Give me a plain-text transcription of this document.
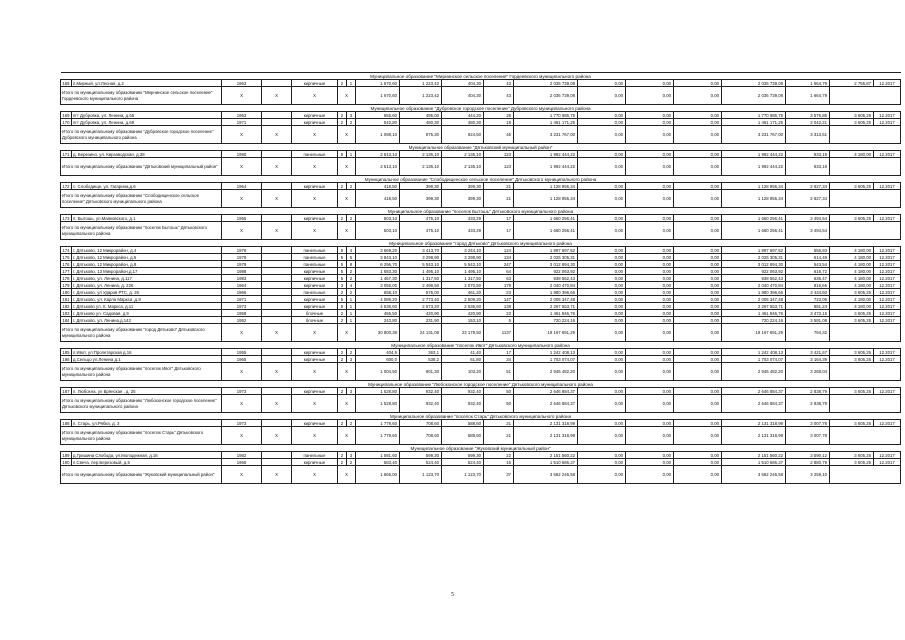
Муниципальное образование "Мирнинское сельское поселение" Гордеевского муниципального района																		
168	п.Мирный, ул.Лесная, д.2	1963		кирпичные	2	1	1 670,60	1 223,42	404,30	43	2 036 739,08	0,00	0,00	0,00	2 036 739,08	1 664,79	2 755,87	12.2017
Итого по муниципальному образованию "Мирнинское сельское поселение" Гордеевского муниципального района		X	X	X	X		1 670,60	1 223,42	404,30	43	2 036 739,08	0,00	0,00	0,00	2 036 739,08	1 664,79		
Муниципальное образование "Дубровское городское поселение" Дубровского муниципального района																		
169	пгт Дубровка, ул. Ленина, д.65	1953		кирпичные	2	3	555,60	495,00	444,20	28	1 770 986,75	0,00	0,00	0,00	1 770 986,75	3 576,86	3 605,25	12.2017
170	пгт Дубровка, ул. Ленина, д.69	1971		кирпичные	2	2	542,80	480,30	480,30	18	1 461 171,25	0,00	0,00	0,00	1 461 171,25	3 042,21	3 605,25	12.2017
Итого по муниципальному образованию "Дубровское городское поселение" Дубровского муниципального района		X	X	X	X		1 098,10	975,30	924,50	46	3 231 767,00	0,00	0,00	0,00	3 231 767,00	3 313,61		
Муниципальное образование "Дятьковский муниципальный район"																		
171	д. Березино, ул. Кирзаводская, д.38	1980		панельные	5	1	2 513,10	2 135,10	2 135,10	123	1 992 444,22	0,00	0,00	0,00	1 992 444,22	933,19	4 180,00	12.2017
Итого по муниципальному образованию "Дятьковский муниципальный район"		X	X	X	X		2 513,10	2 135,10	2 135,10	123	1 992 444,22	0,00	0,00	0,00	1 992 444,22	933,19		
Муниципальное образование "Слободищенское сельское поселение" Дятьковского муниципального района																		
172	с. Слободище, ул. Гагарина,д.6	1964		кирпичные	2	2	418,50	399,30	399,30	21	1 128 955,34	0,00	0,00	0,00	1 128 955,34	2 827,34	3 605,25	12.2017
Итого по муниципальному образованию "Слободищенское сельское поселение" Дятьковского муниципального района		X	X	X	X		418,50	399,30	399,30	21	1 128 955,34	0,00	0,00	0,00	1 128 955,34	2 827,34		
Муниципальное образование "поселок Бытошь" Дятьковского муниципального района																		
173	п. Бытошь, ул.Маяковского, д.1	1965		кирпичные	2	2	503,10	475,10	433,29	17	1 660 256,41	0,00	0,00	0,00	1 660 256,41	3 494,54	3 605,25	12.2017
Итого по муниципальному образованию "поселок Бытошь" Дятьковского муниципального района		X	X	X	X		503,10	475,10	433,29	17	1 660 256,41	0,00	0,00	0,00	1 660 256,41	3 494,54		
Муниципальное образование "город Дятьково" Дятьковского муниципального района																		
174	г. Дятьково, 12 Микрорайон, д.4	1978		панельные	5	4	3 569,20	3 413,70	3 244,10	124	1 897 697,52	0,00	0,00	0,00	1 897 697,52	555,93	4 180,00	12.2017
175	г. Дятьково, 12 Микрорайон, д.5	1979		панельные	5	5	3 843,10	3 298,90	3 298,90	134	2 025 305,31	0,00	0,00	0,00	2 025 305,31	614,49	4 180,00	12.2017
176	г. Дятьково, 12 Микрорайон, д.8	1979		панельные	5	8	6 296,70	5 543,10	5 543,10	247	3 012 894,30	0,00	0,00	0,00	3 012 894,30	543,54	4 180,00	12.2017
177	г. Дятьково, 13 Микрорайон,д.17	1988		кирпичные	5	2	1 683,30	1 495,10	1 495,10	64	922 063,92	0,00	0,00	0,00	922 063,92	616,72	4 180,00	12.2017
178	г. Дятьково, ул. Ленина, д.117	1983		кирпичные	5	2	1 467,30	1 317,50	1 317,50	63	838 562,43	0,00	0,00	0,00	838 562,43	636,47	4 180,00	12.2017
179	г. Дятьково, ул. Ленина, д. 226	1964		кирпичные	3	4	3 055,00	2 498,50	2 070,50	179	2 040 470,84	0,00	0,00	0,00	2 040 470,84	816,66	4 180,00	12.2017
180	г. Дятьково, ул Ударов РТС, д. 26	1966		панельные	2	2	658,10	576,00	461,20	23	1 980 396,66	0,00	0,00	0,00	1 980 396,66	3 434,60	3 605,25	12.2017
181	г. Дятьково, ул. Карла Маркса ,д.9	1971		кирпичные	5	1	4 089,20	2 773,40	2 609,20	147	2 005 347,48	0,00	0,00	0,00	2 005 347,48	723,06	4 180,00	12.2017
182	г. Дятьково ул. К. Маркса, д.11	1973		кирпичные	5	1	4 536,60	2 573,20	2 536,60	138	2 267 553,71	0,00	0,00	0,00	2 267 553,71	881,24	4 180,00	12.2017
183	г. Дятьково ул. Садовая, д.9	1958		блочные	2	1	456,50	420,90	420,90	23	1 461 846,76	0,00	0,00	0,00	1 461 846,76	3 473,15	3 605,25	12.2017
184	г. Дятьково, ул. Ленина,д.142	1952		блочные	2	1	243,80	231,90	153,10	5	720 224,16	0,00	0,00	0,00	720 224,16	3 591,08	3 605,25	12.2017
Итого по муниципальному образованию "город Дятьково" Дятьковского муниципального района		X	X	X	X		30 800,38	24 131,08	23 179,50	1137	19 167 691,29	0,00	0,00	0,00	19 167 691,29	794,32		
Муниципальное образование "поселок Ивот" Дятьковского муниципального района																		
185	п.Ивот, ул.Пролетарская д.16	1955		кирпичные	2	2	404,5	363,1	41,40	17	1 242 408,13	0,00	0,00	0,00	1 242 408,13	3 421,67	3 605,25	12.2017
186	д.Сельцо ул.Ленина д.1	1965		кирпичные	2	3	600,0	538,2	61,80	34	1 703 074,07	0,00	0,00	0,00	1 703 074,07	3 164,39	3 605,25	12.2017
Итого по муниципальному образованию "поселок Ивот" Дятьковского муниципального района		X	X	X	X		1 004,50	901,30	103,20	51	2 945 482,20	0,00	0,00	0,00	2 945 482,20	3 268,04		
Муниципальное образование "Любохонское городское поселение" Дятьковского муниципального района																		
187	п. Любохна, ул Брянская , д. 25	1973		кирпичные	2	3	1 528,80	932,40	932,40	50	2 646 884,37	0,00	0,00	0,00	2 646 884,37	2 838,79	3 605,25	12.2017
Итого по муниципальному образованию "Любохонское городское поселение" Дятьковского муниципального района		X	X	X	X		1 528,80	932,40	932,40	50	2 646 884,37	0,00	0,00	0,00	2 646 884,37	2 838,79		
Муниципальное образование "поселок Старь" Дятьковского муниципального района																		
188	п. Старь, ул.Рябка, д. 3	1973		кирпичные	2	2	1 779,60	708,60	588,60	21	2 131 318,99	0,00	0,00	0,00	2 131 318,99	3 007,78	3 605,25	12.2017
Итого по муниципальному образованию "поселок Старь" Дятьковского муниципального района		X	X	X	X		1 779,60	708,60	588,60	21	2 131 318,99	0,00	0,00	0,00	2 131 318,99	3 007,78		
Муниципальное образование "Жуковский муниципальный район"																		
189	д.Гришина Слобода, ул.Молодежная, д.16	1982		панельные	2	3	1 081,60	599,30	599,30	22	2 151 560,22	0,00	0,00	0,00	2 151 560,22	3 590,12	3 605,25	12.2017
190	п.Свеча, пер.Березовый, д.5	1965		кирпичные	2	2	583,40	524,40	524,40	15	1 510 686,37	0,00	0,00	0,00	1 510 686,37	2 880,79	3 605,25	12.2017
Итого по муниципальному образованию "Жуковский муниципальный район"		X	X	X	X		1 665,00	1 123,70	1 123,70	37	3 662 246,58	0,00	0,00	0,00	3 662 246,58	3 259,10		
5
